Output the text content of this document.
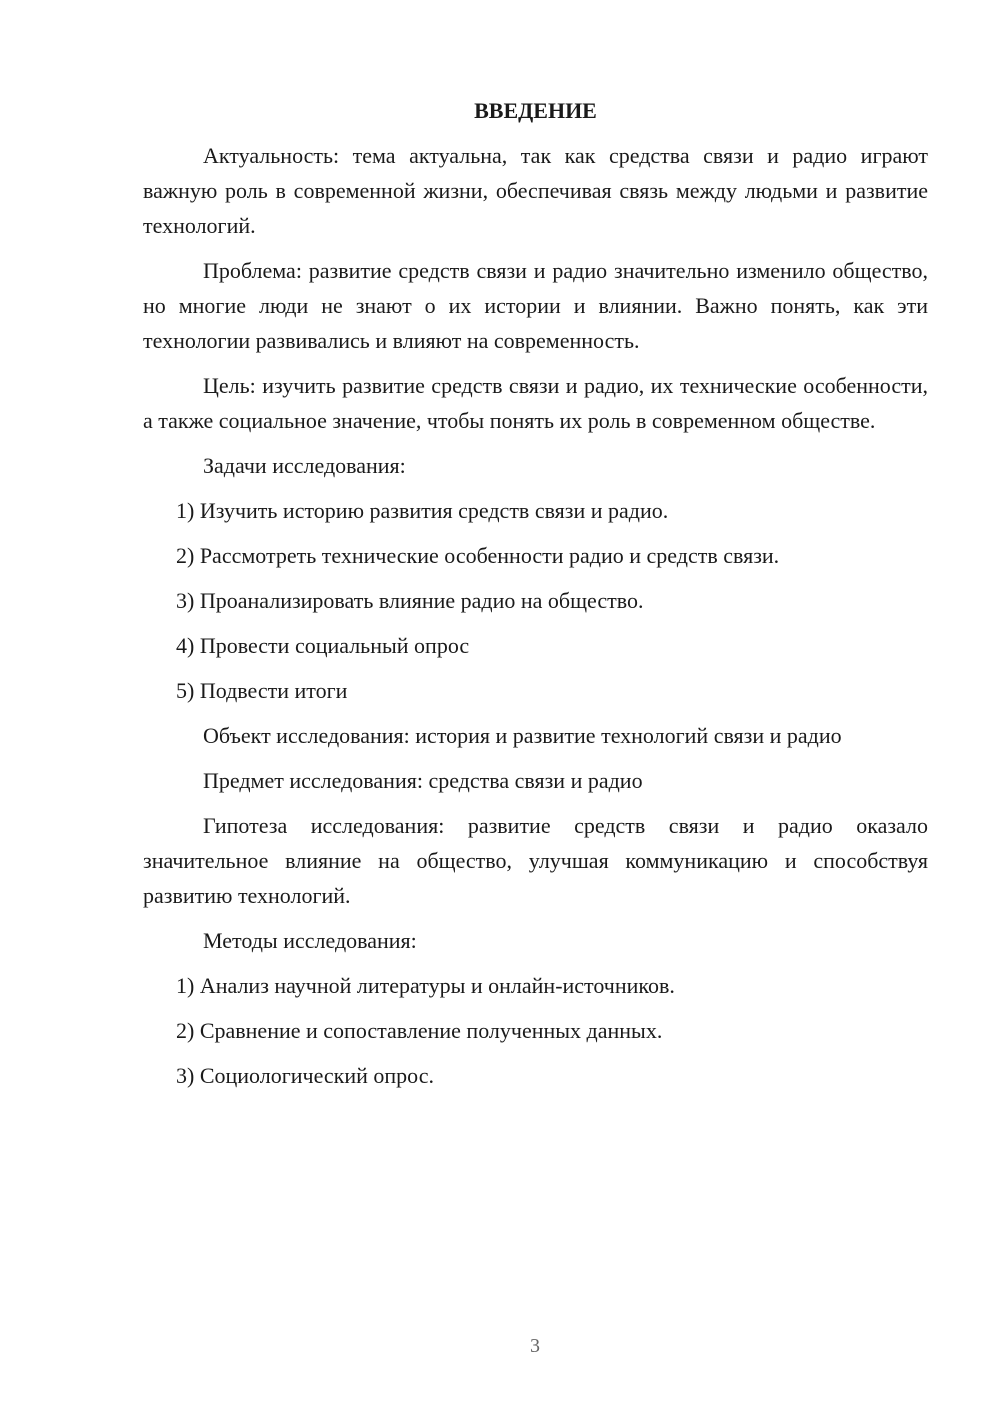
ВВЕДЕНИЕ

Актуальность: тема актуальна, так как средства связи и радио играют важную роль в современной жизни, обеспечивая связь между людьми и развитие технологий.

Проблема: развитие средств связи и радио значительно изменило общество, но многие люди не знают о их истории и влиянии. Важно понять, как эти технологии развивались и влияют на современность.

Цель: изучить развитие средств связи и радио, их технические особенности, а также социальное значение, чтобы понять их роль в современном обществе.

Задачи исследования:

1) Изучить историю развития средств связи и радио.

2) Рассмотреть технические особенности радио и средств связи.

3) Проанализировать влияние радио на общество.

4) Провести социальный опрос

5) Подвести итоги

Объект исследования: история и развитие технологий связи и радио

Предмет исследования: средства связи и радио

Гипотеза исследования: развитие средств связи и радио оказало значительное влияние на общество, улучшая коммуникацию и способствуя развитию технологий.

Методы исследования:

1) Анализ научной литературы и онлайн-источников.

2) Сравнение и сопоставление полученных данных.

3) Социологический опрос.

3
